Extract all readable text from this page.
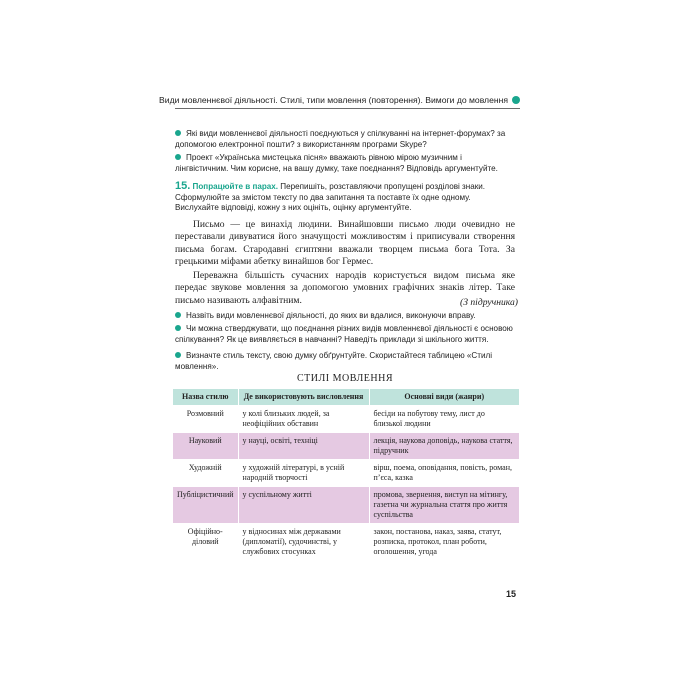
Види мовленнєвої діяльності. Стилі, типи мовлення (повторення). Вимоги до мовлення
Які види мовленнєвої діяльності поєднуються у спілкуванні на інтернет-форумах? за допомогою електронної пошти? з використанням програми Skype?
Проект «Українська мистецька пісня» вважають рівною мірою музичним і лінгвістичним. Чим корисне, на вашу думку, таке поєднання? Відповідь аргументуйте.
15. Попрацюйте в парах. Перепишіть, розставляючи пропущені розділові знаки. Сформулюйте за змістом тексту по два запитання та поставте їх одне одному. Вислухайте відповіді, кожну з них оцініть, оцінку аргументуйте.
Письмо — це винахід людини. Винайшовши письмо люди очевидно не переставали дивуватися його значущості можливостям і приписували створення письма богам. Стародавні єгиптяни вважали творцем письма бога Тота. За грецькими міфами абетку винайшов бог Гермес.
Переважна більшість сучасних народів користується видом письма яке передає звукове мовлення за допомогою умовних графічних знаків літер. Таке письмо називають алфавітним.	(З підручника)
Назвіть види мовленнєвої діяльності, до яких ви вдалися, виконуючи вправу.
Чи можна стверджувати, що поєднання різних видів мовленнєвої діяльності є основою спілкування? Як це виявляється в навчанні? Наведіть приклади зі шкільного життя.
Визначте стиль тексту, свою думку обґрунтуйте. Скористайтеся таблицею «Стилі мовлення».
СТИЛІ МОВЛЕННЯ
Назва стилю	Де використовують висловлення	Основні види (жанри)
Розмовний	у колі близьких людей, за неофіційних обставин	бесіди на побутову тему, лист до близької людини
Науковий	у науці, освіті, техніці	лекція, наукова доповідь, наукова стаття, підручник
Художній	у художній літературі, в усній народній творчості	вірш, поема, оповідання, повість, роман, п’єса, казка
Публіцистичний	у суспільному житті	промова, звернення, виступ на мітингу, газетна чи журнальна стаття про життя суспільства
Офіційно-діловий	у відносинах між державами (дипломатії), судочинстві, у службових стосунках	закон, постанова, наказ, заява, статут, розписка, протокол, план роботи, оголошення, угода
15
